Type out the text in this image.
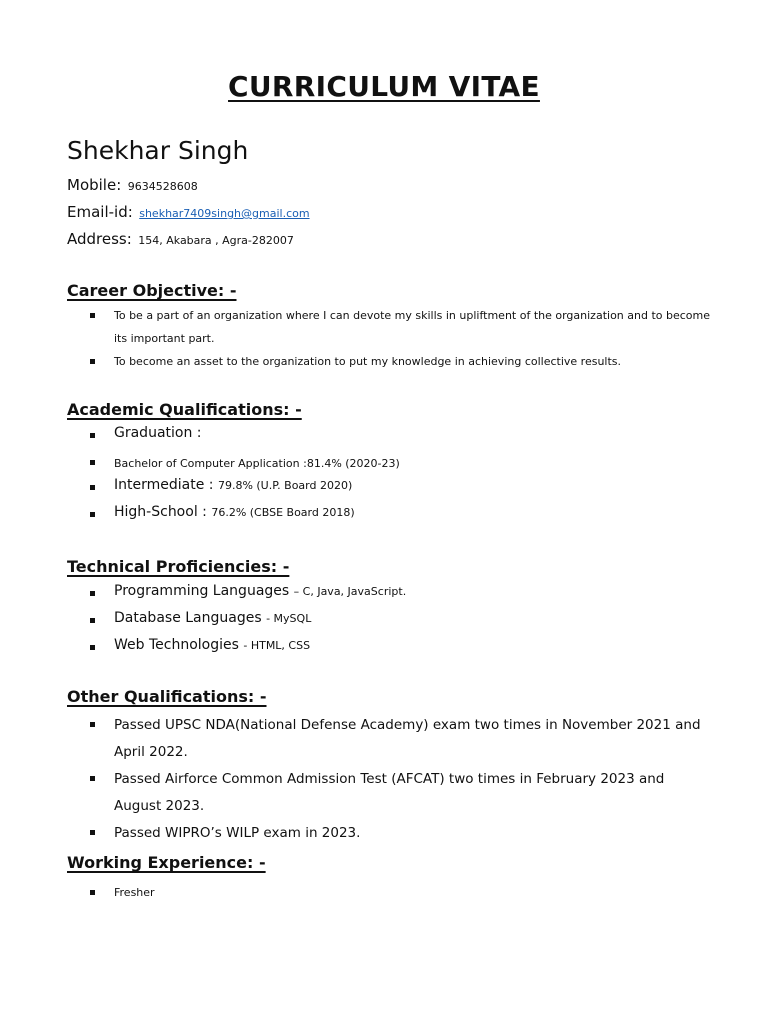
CURRICULUM VITAE
Shekhar Singh
Mobile: 9634528608
Email-id: shekhar7409singh@gmail.com
Address: 154, Akabara , Agra-282007
Career Objective: -
To be a part of an organization where I can devote my skills in upliftment of the organization and to become its important part.
To become an asset to the organization to put my knowledge in achieving collective results.
Academic Qualifications: -
Graduation :
Bachelor of Computer Application :81.4% (2020-23)
Intermediate : 79.8% (U.P. Board 2020)
High-School : 76.2% (CBSE Board 2018)
Technical Proficiencies: -
Programming Languages – C, Java, JavaScript.
Database Languages - MySQL
Web Technologies - HTML, CSS
Other Qualifications: -
Passed UPSC NDA(National Defense Academy) exam two times in November 2021 and April 2022.
Passed Airforce Common Admission Test (AFCAT) two times in February 2023 and August 2023.
Passed WIPRO’s WILP exam in 2023.
Working Experience: -
Fresher
